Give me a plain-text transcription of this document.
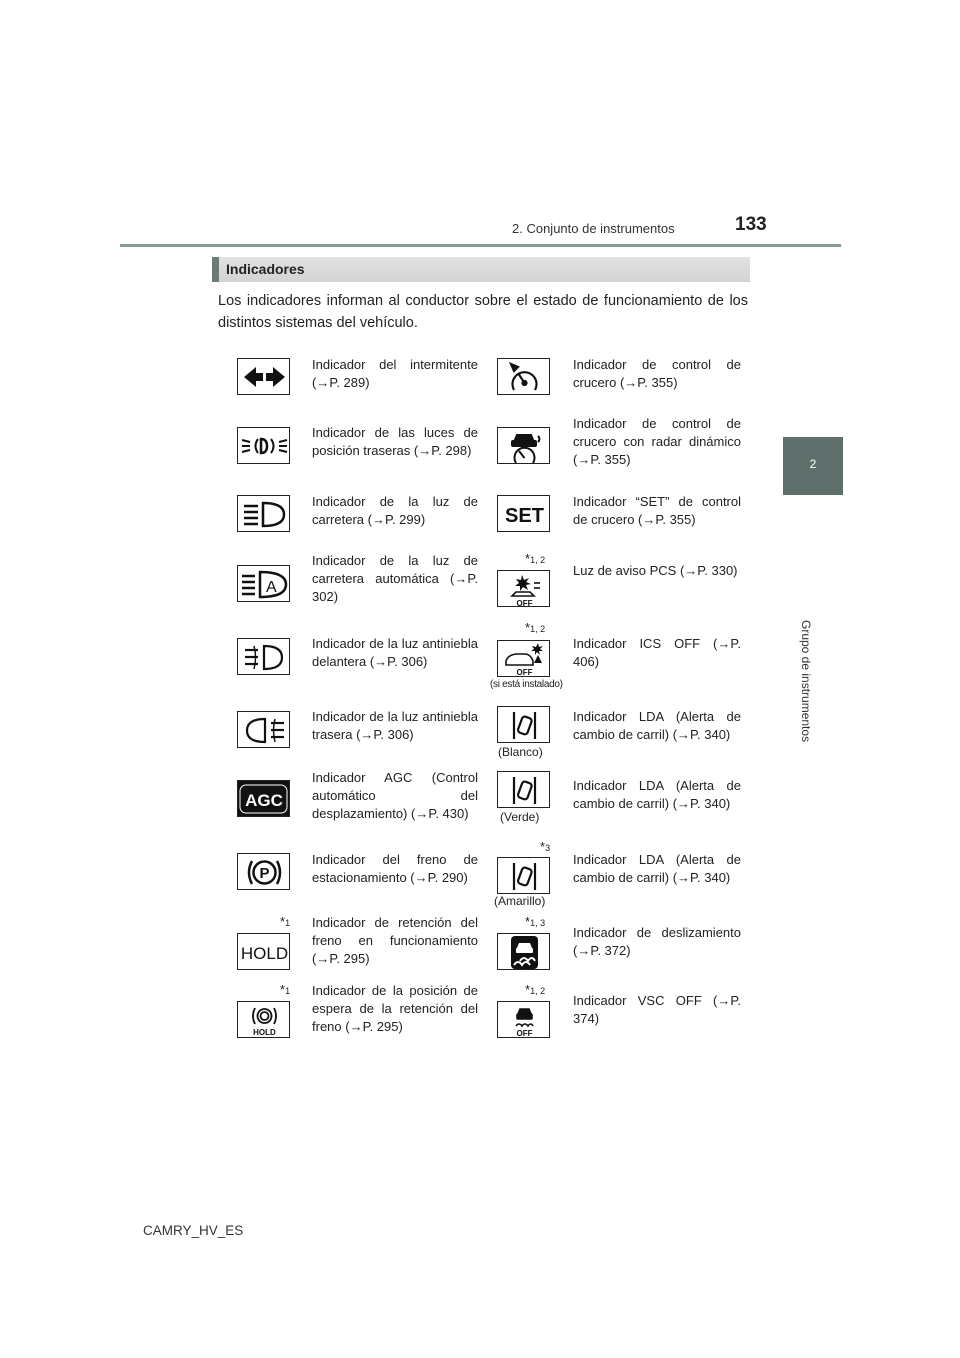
2. Conjunto de instrumentos	133
2
Grupo de instrumentos
Indicadores
Los indicadores informan al conductor sobre el estado de funcionamiento de los distintos sistemas del vehículo.
Indicador del intermitente (→P. 289)
Indicador de las luces de posición traseras (→P. 298)
Indicador de la luz de carretera (→P. 299)
A
Indicador de la luz de carretera automática (→P. 302)
Indicador de la luz antiniebla delantera (→P. 306)
Indicador de la luz antiniebla trasera (→P. 306)
AGC
Indicador AGC (Control automático del desplazamiento) (→P. 430)
P
Indicador del freno de estacionamiento (→P. 290)
*1
HOLD
Indicador de retención del freno en funcionamiento (→P. 295)
*1
HOLD
Indicador de la posición de espera de la retención del freno (→P. 295)
Indicador de control de crucero (→P. 355)
Indicador de control de crucero con radar dinámico (→P. 355)
SET
Indicador “SET” de control de crucero (→P. 355)
*1, 2
OFF
Luz de aviso PCS (→P. 330)
*1, 2
OFF
(si está instalado)
Indicador ICS OFF (→P. 406)
(Blanco)
Indicador LDA (Alerta de cambio de carril) (→P. 340)
(Verde)
Indicador LDA (Alerta de cambio de carril) (→P. 340)
*3
(Amarillo)
Indicador LDA (Alerta de cambio de carril) (→P. 340)
*1, 3
Indicador de deslizamiento (→P. 372)
*1, 2
OFF
Indicador VSC OFF (→P. 374)
CAMRY_HV_ES
